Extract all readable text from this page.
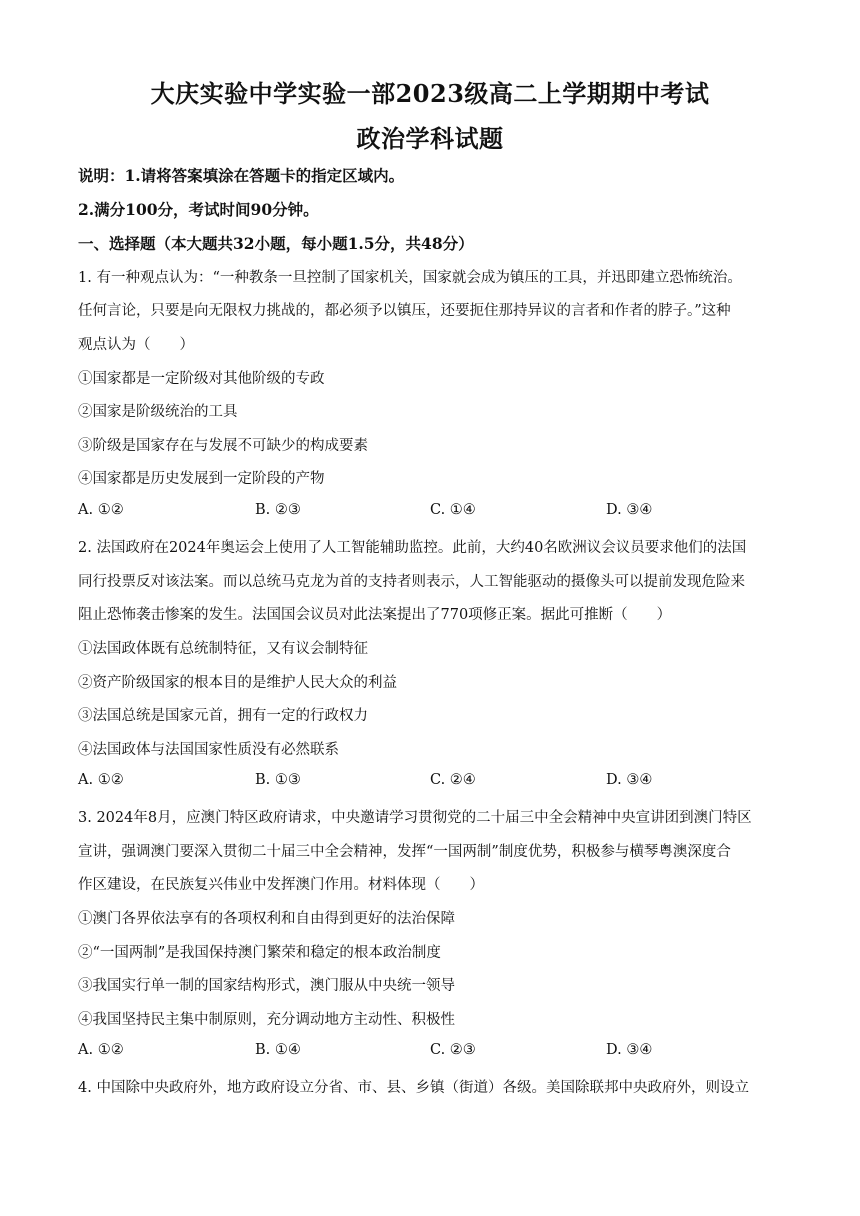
大庆实验中学实验一部2023级高二上学期期中考试
政治学科试题
说明：1.请将答案填涂在答题卡的指定区域内。
2.满分100分，考试时间90分钟。
一、选择题（本大题共32小题，每小题1.5分，共48分）
1. 有一种观点认为：“一种教条一旦控制了国家机关，国家就会成为镇压的工具，并迅即建立恐怖统治。
任何言论，只要是向无限权力挑战的，都必须予以镇压，还要扼住那持异议的言者和作者的脖子。”这种
观点认为（　　）
①国家都是一定阶级对其他阶级的专政
②国家是阶级统治的工具
③阶级是国家存在与发展不可缺少的构成要素
④国家都是历史发展到一定阶段的产物
A. ①②	B. ②③	C. ①④	D. ③④
2. 法国政府在2024年奥运会上使用了人工智能辅助监控。此前，大约40名欧洲议会议员要求他们的法国
同行投票反对该法案。而以总统马克龙为首的支持者则表示，人工智能驱动的摄像头可以提前发现危险来
阻止恐怖袭击惨案的发生。法国国会议员对此法案提出了770项修正案。据此可推断（　　）
①法国政体既有总统制特征，又有议会制特征
②资产阶级国家的根本目的是维护人民大众的利益
③法国总统是国家元首，拥有一定的行政权力
④法国政体与法国国家性质没有必然联系
A. ①②	B. ①③	C. ②④	D. ③④
3. 2024年8月，应澳门特区政府请求，中央邀请学习贯彻党的二十届三中全会精神中央宣讲团到澳门特区
宣讲，强调澳门要深入贯彻二十届三中全会精神，发挥“一国两制”制度优势，积极参与横琴粤澳深度合
作区建设，在民族复兴伟业中发挥澳门作用。材料体现（　　）
①澳门各界依法享有的各项权利和自由得到更好的法治保障
②“一国两制”是我国保持澳门繁荣和稳定的根本政治制度
③我国实行单一制的国家结构形式，澳门服从中央统一领导
④我国坚持民主集中制原则，充分调动地方主动性、积极性
A. ①②	B. ①④	C. ②③	D. ③④
4. 中国除中央政府外，地方政府设立分省、市、县、乡镇（街道）各级。美国除联邦中央政府外，则设立
